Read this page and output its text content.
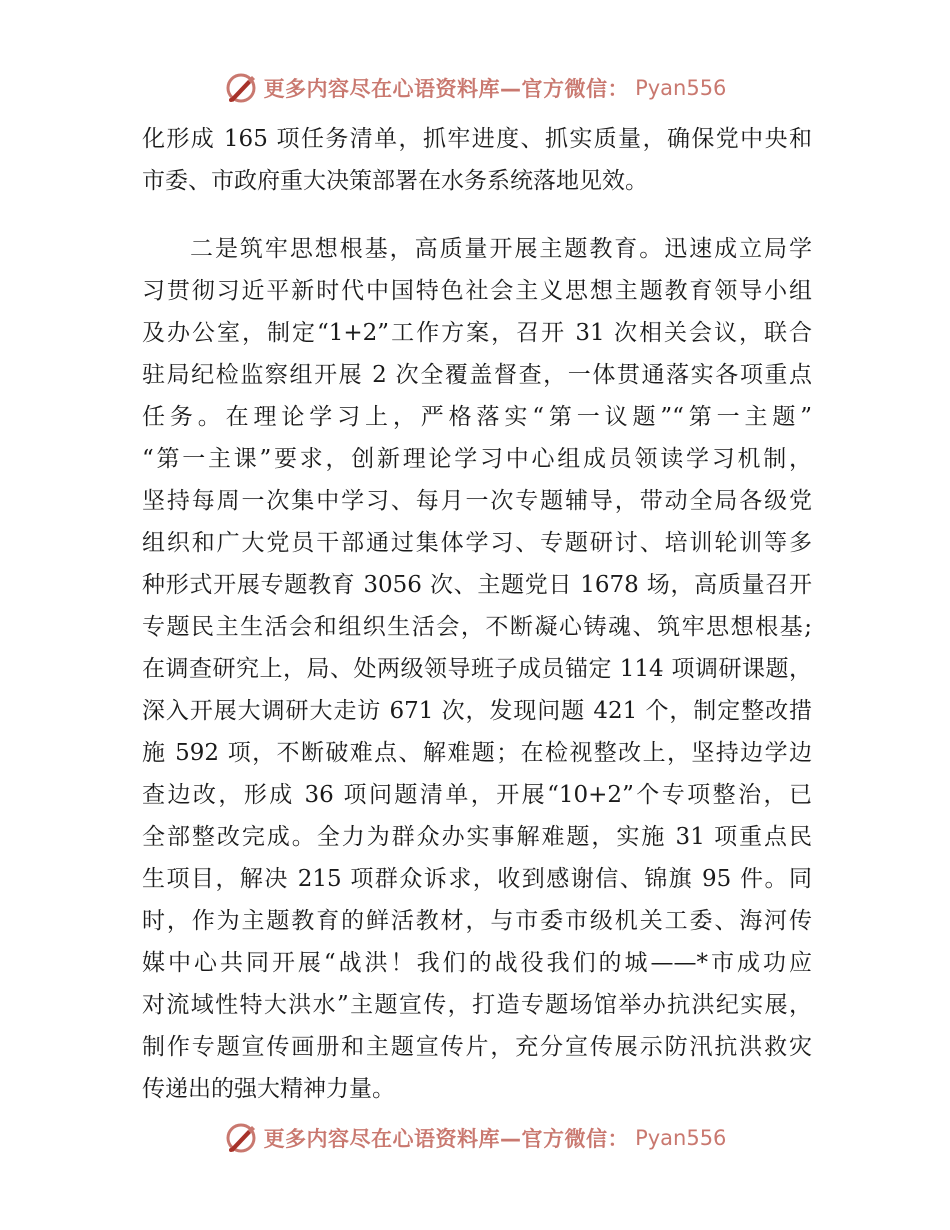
更多内容尽在心语资料库—官方微信： Pyan556
化形成 165 项任务清单，抓牢进度、抓实质量，确保党中央和
市委、市政府重大决策部署在水务系统落地见效。
二是筑牢思想根基，高质量开展主题教育。迅速成立局学
习贯彻习近平新时代中国特色社会主义思想主题教育领导小组
及办公室，制定“1+2”工作方案，召开 31 次相关会议，联合
驻局纪检监察组开展 2 次全覆盖督查，一体贯通落实各项重点
任务。在理论学习上，严格落实“第一议题”“第一主题”
“第一主课”要求，创新理论学习中心组成员领读学习机制，
坚持每周一次集中学习、每月一次专题辅导，带动全局各级党
组织和广大党员干部通过集体学习、专题研讨、培训轮训等多
种形式开展专题教育 3056 次、主题党日 1678 场，高质量召开
专题民主生活会和组织生活会，不断凝心铸魂、筑牢思想根基;
在调查研究上，局、处两级领导班子成员锚定 114 项调研课题，
深入开展大调研大走访 671 次，发现问题 421 个，制定整改措
施 592 项，不断破难点、解难题；在检视整改上，坚持边学边
查边改，形成 36 项问题清单，开展“10+2”个专项整治，已
全部整改完成。全力为群众办实事解难题，实施 31 项重点民
生项目，解决 215 项群众诉求，收到感谢信、锦旗 95 件。同
时，作为主题教育的鲜活教材，与市委市级机关工委、海河传
媒中心共同开展“战洪！我们的战役我们的城——*市成功应
对流域性特大洪水”主题宣传，打造专题场馆举办抗洪纪实展，
制作专题宣传画册和主题宣传片，充分宣传展示防汛抗洪救灾
传递出的强大精神力量。
更多内容尽在心语资料库—官方微信： Pyan556
